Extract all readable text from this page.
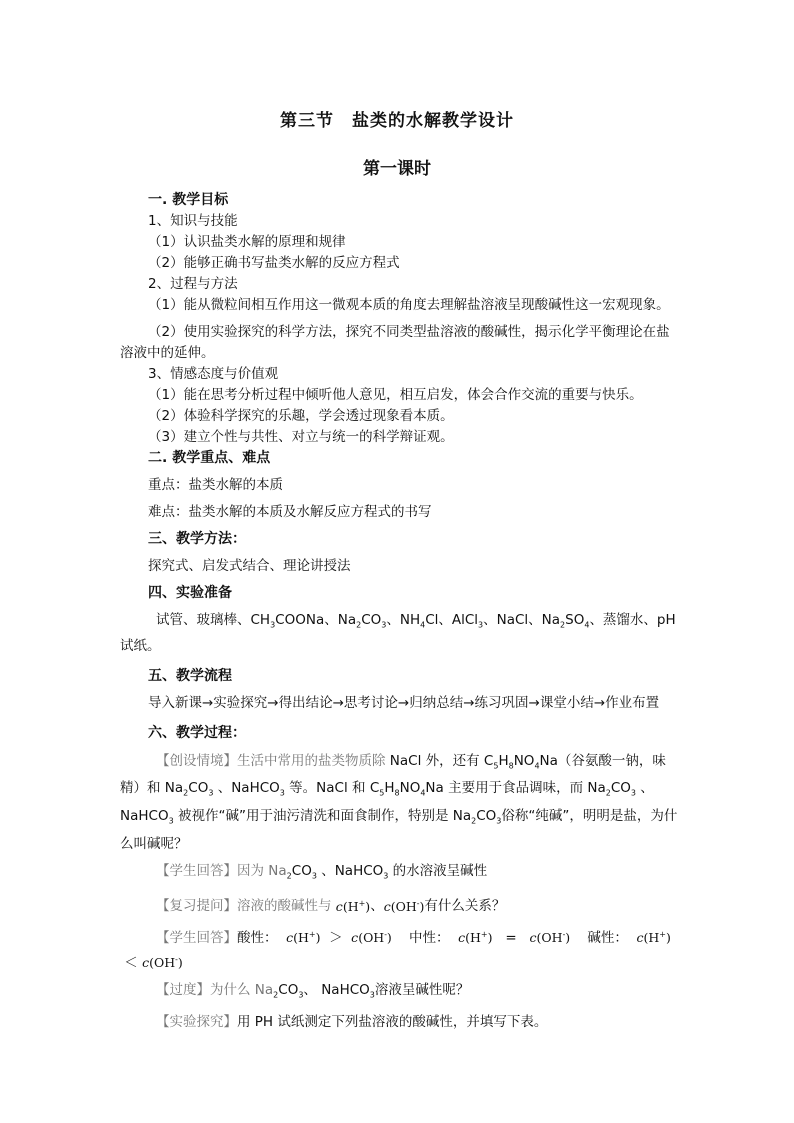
第三节　盐类的水解教学设计
第一课时
一. 教学目标
1、知识与技能
（1）认识盐类水解的原理和规律
（2）能够正确书写盐类水解的反应方程式
2、过程与方法
（1）能从微粒间相互作用这一微观本质的角度去理解盐溶液呈现酸碱性这一宏观现象。
（2）使用实验探究的科学方法，探究不同类型盐溶液的酸碱性，揭示化学平衡理论在盐溶液中的延伸。
3、情感态度与价值观
（1）能在思考分析过程中倾听他人意见，相互启发，体会合作交流的重要与快乐。
（2）体验科学探究的乐趣，学会透过现象看本质。
（3）建立个性与共性、对立与统一的科学辩证观。
二. 教学重点、难点
重点：盐类水解的本质
难点：盐类水解的本质及水解反应方程式的书写
三、教学方法：
探究式、启发式结合、理论讲授法
四、实验准备
试管、玻璃棒、$CH_3COONa$、$Na_2CO_3$、$NH_4Cl$、AlCl$_3$、NaCl、$Na_2SO_4$、蒸馏水、pH 试纸。
五、教学流程
导入新课→实验探究→得出结论→思考讨论→归纳总结→练习巩固→课堂小结→作业布置
六、教学过程：
【创设情境】生活中常用的盐类物质除 NaCl 外，还有 $C_5H_8NO_4Na$（谷氨酸一钠，味精）和 $Na_2CO_3$ 、NaHCO$_3$ 等。NaCl 和 $C_5H_8NO_4Na$ 主要用于食品调味，而 $Na_2CO_3$ 、NaHCO$_3$ 被视作“碱”用于油污清洗和面食制作，特别是 $Na_2CO_3$俗称“纯碱”，明明是盐，为什么叫碱呢？
【学生回答】因为 $Na_2CO_3$ 、NaHCO$_3$ 的水溶液呈碱性
【复习提问】溶液的酸碱性与 c(H+)、c(OH-)有什么关系？
【学生回答】酸性： c(H+) ＞ c(OH-) 中性： c(H+) = c(OH-) 碱性： c(H+)  ＜ c(OH-)
【过度】为什么 $Na_2CO_3$、 NaHCO$_3$溶液呈碱性呢？
【实验探究】用 PH 试纸测定下列盐溶液的酸碱性，并填写下表。
